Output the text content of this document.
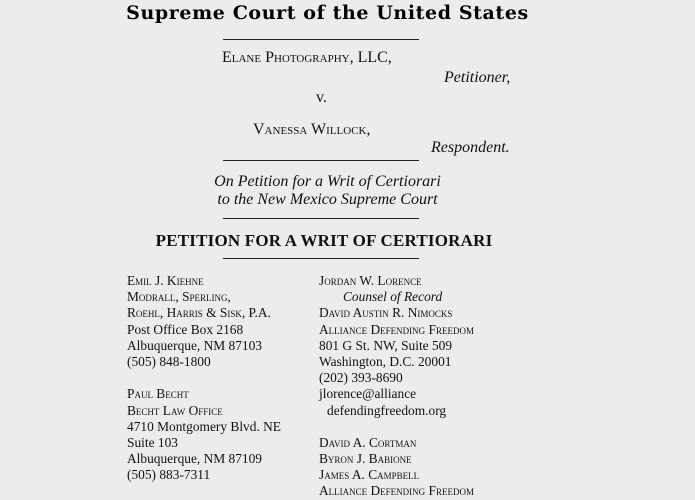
Supreme Court of the United States
Elane Photography, LLC,
Petitioner,
v.
Vanessa Willock,
Respondent.
On Petition for a Writ of Certiorari
to the New Mexico Supreme Court
PETITION FOR A WRIT OF CERTIORARI
Emil J. Kiehne
Modrall, Sperling,
Roehl, Harris & Sisk, P.A.
Post Office Box 2168
Albuquerque, NM 87103
(505) 848-1800
Paul Becht
Becht Law Office
4710 Montgomery Blvd. NE
Suite 103
Albuquerque, NM 87109
(505) 883-7311
Jordan W. Lorence
Counsel of Record
David Austin R. Nimocks
Alliance Defending Freedom
801 G St. NW, Suite 509
Washington, D.C. 20001
(202) 393-8690
jlorence@alliance
defendingfreedom.org
David A. Cortman
Byron J. Babione
James A. Campbell
Alliance Defending Freedom
